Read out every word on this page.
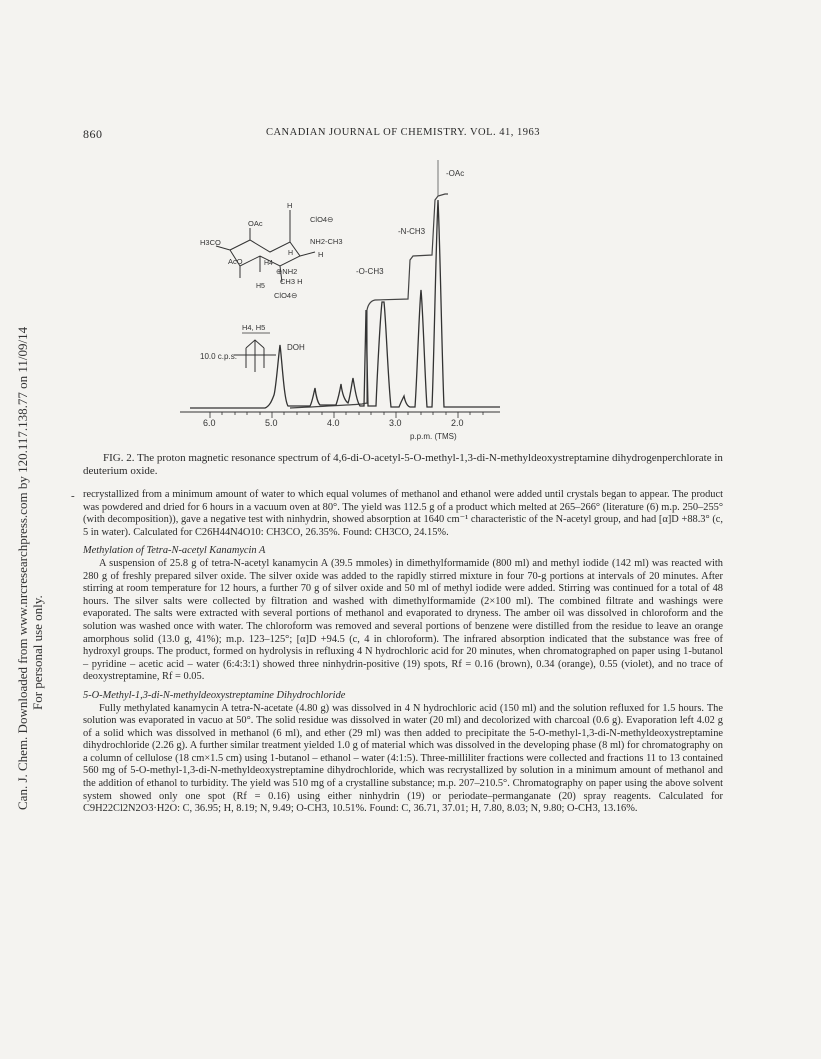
Can. J. Chem. Downloaded from www.nrcresearchpress.com by 120.117.138.77 on 11/09/14 For personal use only.
860	CANADIAN JOURNAL OF CHEMISTRY. VOL. 41, 1963
6.0	5.0	4.0	3.0	2.0
p.p.m. (TMS)
-OAc
-N-CH3
-O-CH3
DOH
H
ClO4⊖
OAc
NH2-CH3
H
H3CO
AcO	H4
H
⊕NH2
CH3 H
H5
ClO4⊖
H4, H5
10.0 c.p.s.
FIG. 2. The proton magnetic resonance spectrum of 4,6-di-O-acetyl-5-O-methyl-1,3-di-N-methyldeoxystreptamine dihydrogenperchlorate in deuterium oxide.
- recrystallized from a minimum amount of water to which equal volumes of methanol and ethanol were added until crystals began to appear. The product was powdered and dried for 6 hours in a vacuum oven at 80°. The yield was 112.5 g of a product which melted at 265–266° (literature (6) m.p. 250–255° (with decomposition)), gave a negative test with ninhydrin, showed absorption at 1640 cm⁻¹ characteristic of the N-acetyl group, and had [α]D +88.3° (c, 5 in water). Calculated for C26H44N4O10: CH3CO, 26.35%. Found: CH3CO, 24.15%.

Methylation of Tetra-N-acetyl Kanamycin A

A suspension of 25.8 g of tetra-N-acetyl kanamycin A (39.5 mmoles) in dimethylformamide (800 ml) and methyl iodide (142 ml) was reacted with 280 g of freshly prepared silver oxide. The silver oxide was added to the rapidly stirred mixture in four 70-g portions at intervals of 20 minutes. After stirring at room temperature for 12 hours, a further 70 g of silver oxide and 50 ml of methyl iodide were added. Stirring was continued for a total of 48 hours. The silver salts were collected by filtration and washed with dimethylformamide (2×100 ml). The combined filtrate and washings were evaporated. The salts were extracted with several portions of methanol and evaporated to dryness. The amber oil was dissolved in chloroform and the solution was washed once with water. The chloroform was removed and several portions of benzene were distilled from the residue to leave an orange amorphous solid (13.0 g, 41%); m.p. 123–125°; [α]D +94.5 (c, 4 in chloroform). The infrared absorption indicated that the substance was free of hydroxyl groups. The product, formed on hydrolysis in refluxing 4 N hydrochloric acid for 20 minutes, when chromatographed on paper using 1-butanol – pyridine – acetic acid – water (6:4:3:1) showed three ninhydrin-positive (19) spots, Rf = 0.16 (brown), 0.34 (orange), 0.55 (violet), and no trace of deoxystreptamine, Rf = 0.05.

5-O-Methyl-1,3-di-N-methyldeoxystreptamine Dihydrochloride

Fully methylated kanamycin A tetra-N-acetate (4.80 g) was dissolved in 4 N hydrochloric acid (150 ml) and the solution refluxed for 1.5 hours. The solution was evaporated in vacuo at 50°. The solid residue was dissolved in water (20 ml) and decolorized with charcoal (0.6 g). Evaporation left 4.02 g of a solid which was dissolved in methanol (6 ml), and ether (29 ml) was then added to precipitate the 5-O-methyl-1,3-di-N-methyldeoxystreptamine dihydrochloride (2.26 g). A further similar treatment yielded 1.0 g of material which was dissolved in the developing phase (8 ml) for chromatography on a column of cellulose (18 cm×1.5 cm) using 1-butanol – ethanol – water (4:1:5). Three-milliliter fractions were collected and fractions 11 to 13 contained 560 mg of 5-O-methyl-1,3-di-N-methyldeoxystreptamine dihydrochloride, which was recrystallized by solution in a minimum amount of methanol and the addition of ethanol to turbidity. The yield was 510 mg of a crystalline substance; m.p. 207–210.5°. Chromatography on paper using the above solvent system showed only one spot (Rf = 0.16) using either ninhydrin (19) or periodate–permanganate (20) spray reagents. Calculated for C9H22Cl2N2O3·H2O: C, 36.95; H, 8.19; N, 9.49; O-CH3, 10.51%. Found: C, 36.71, 37.01; H, 7.80, 8.03; N, 9.80; O-CH3, 13.16%.
